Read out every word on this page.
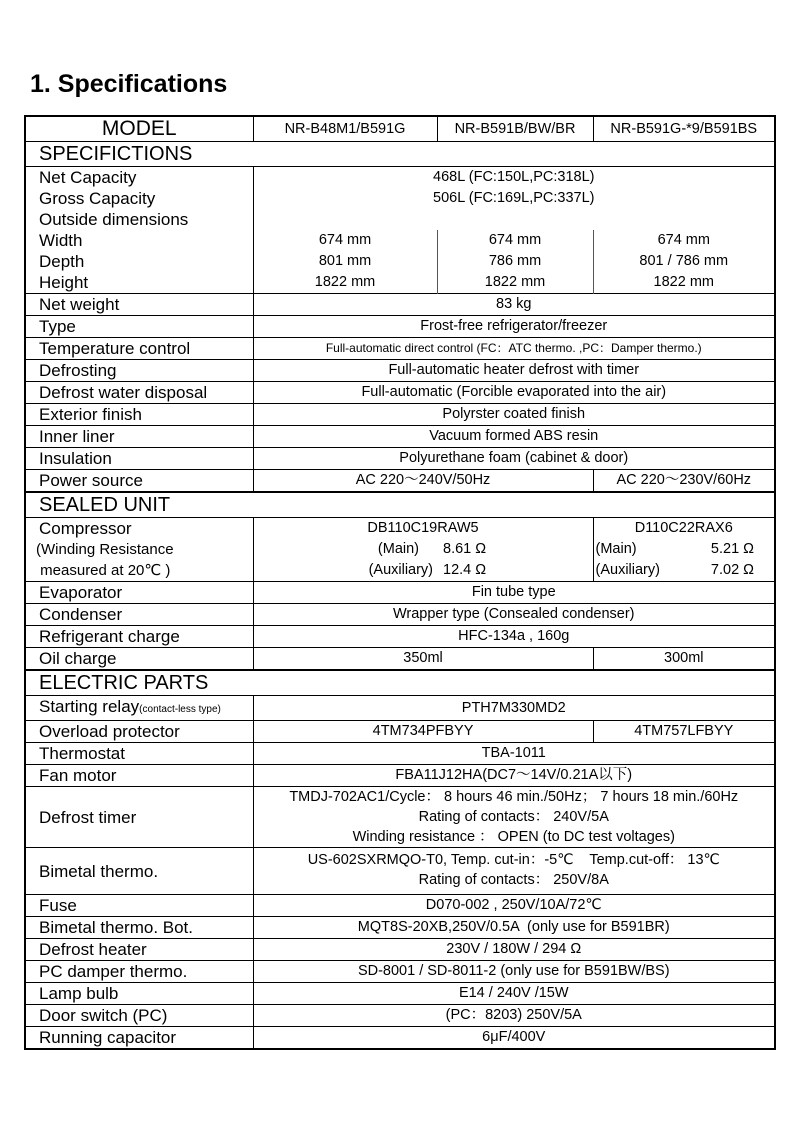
1. Specifications
MODEL	NR-B48M1/B591G	NR-B591B/BW/BR	NR-B591G-*9/B591BS	
SPECIFICTIONS				
Net Capacity	468L (FC:150L,PC:318L)			
Gross Capacity	506L (FC:169L,PC:337L)			
Outside dimensions				
Width	674 mm	674 mm	674 mm	
Depth	801 mm	786 mm	801 / 786 mm	
Height	1822 mm	1822 mm	1822 mm	
Net weight	83 kg			
Type	Frost-free refrigerator/freezer			
Temperature control	Full-automatic direct control (FC：ATC thermo. ,PC：Damper thermo.)			
Defrosting	Full-automatic heater defrost with timer			
Defrost water disposal	Full-automatic (Forcible evaporated into the air)			
Exterior finish	Polyrster coated finish			
Inner liner	Vacuum formed ABS resin			
Insulation	Polyurethane foam (cabinet & door)			
Power source	AC 220～240V/50Hz		AC 220～230V/60Hz	
SEALED UNIT				
Compressor	DB110C19RAW5		D110C22RAX6	
(Winding Resistance	(Main)	8.61 Ω	(Main)	5.21 Ω
measured at 20℃ )	(Auxiliary)	12.4 Ω	(Auxiliary)	7.02 Ω
Evaporator	Fin tube type			
Condenser	Wrapper type (Consealed condenser)			
Refrigerant charge	HFC-134a , 160g			
Oil charge	350ml		300ml	
ELECTRIC PARTS				
Starting relay(contact-less type)	PTH7M330MD2			
Overload protector	4TM734PFBYY		4TM757LFBYY	
Thermostat	TBA-1011			
Fan motor	FBA11J12HA(DC7～14V/0.21A以下)			
Defrost timer	TMDJ-702AC1/Cycle： 8 hours 46 min./50Hz； 7 hours 18 min./60Hz
Rating of contacts： 240V/5A
Winding resistance ： OPEN (to DC test voltages)			

Bimetal thermo.	US-602SXRMQO-T0, Temp. cut-in：-5℃    Temp.cut-off： 13℃
Rating of contacts： 250V/8A			

Fuse	D070-002 , 250V/10A/72℃			
Bimetal thermo. Bot.	MQT8S-20XB,250V/0.5A  (only use for B591BR)			
Defrost heater	230V / 180W / 294 Ω			
PC damper thermo.	SD-8001 / SD-8011-2 (only use for B591BW/BS)			
Lamp bulb	E14 / 240V /15W			
Door switch (PC)	(PC：8203) 250V/5A			
Running capacitor	6μF/400V			
